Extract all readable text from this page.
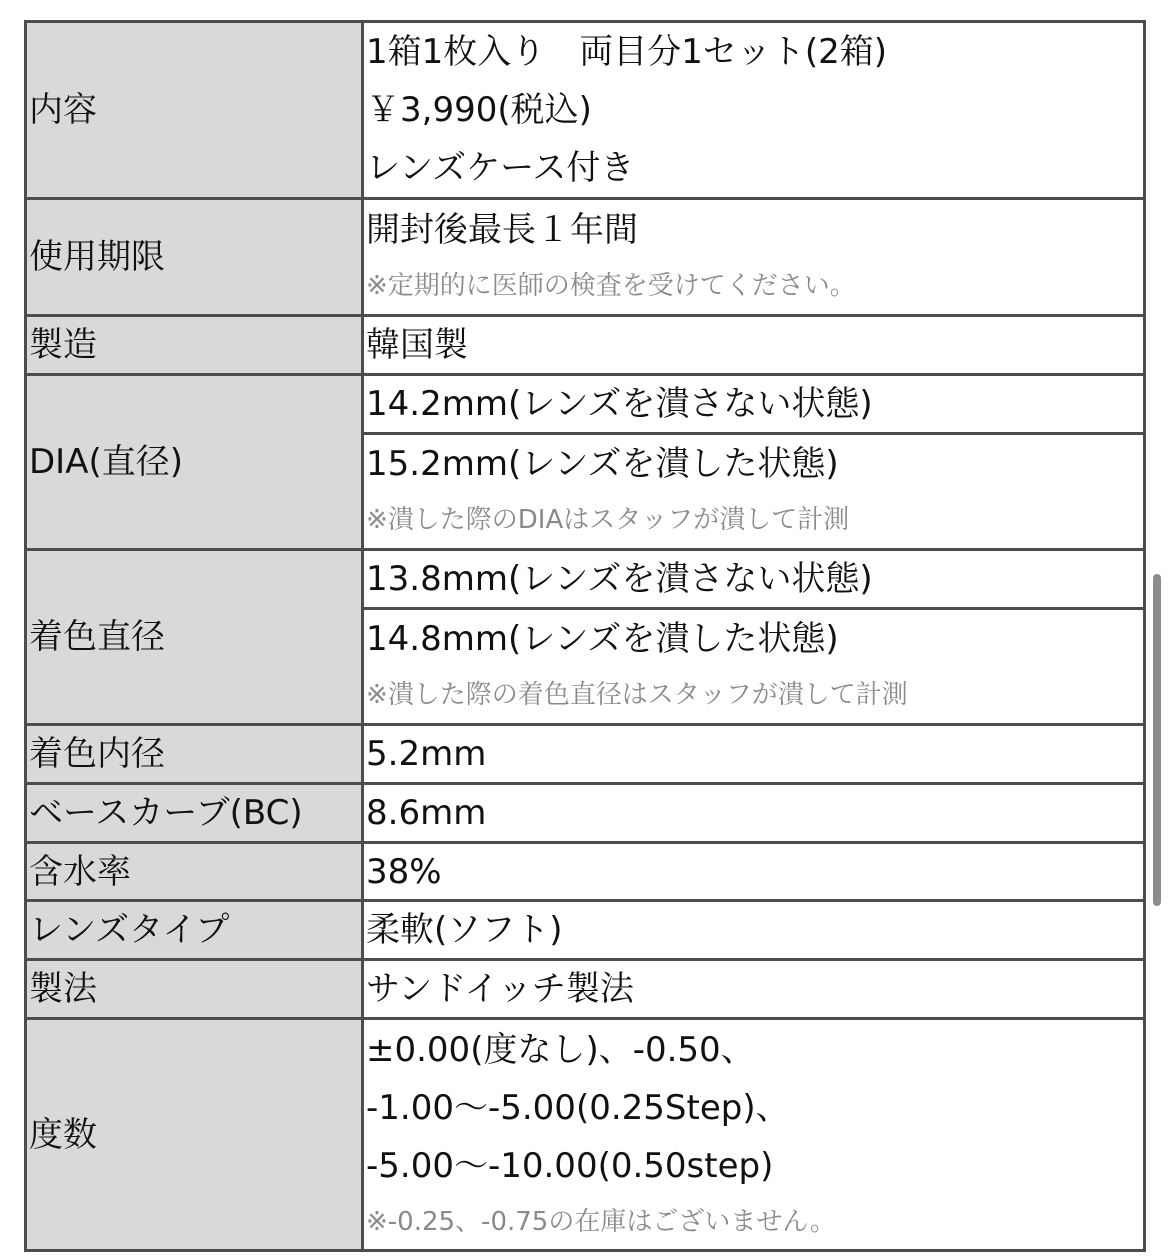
内容	1箱1枚入り　両目分1セット(2箱)
￥3,990(税込)
レンズケース付き

使用期限	開封後最長１年間
※定期的に医師の検査を受けてください。

製造	韓国製
DIA(直径)	14.2mm(レンズを潰さない状態)
15.2mm(レンズを潰した状態)
※潰した際のDIAはスタッフが潰して計測

着色直径	13.8mm(レンズを潰さない状態)
14.8mm(レンズを潰した状態)
※潰した際の着色直径はスタッフが潰して計測

着色内径	5.2mm
ベースカーブ(BC)	8.6mm
含水率	38%
レンズタイプ	柔軟(ソフト)
製法	サンドイッチ製法
度数	±0.00(度なし)、-0.50、
-1.00〜-5.00(0.25Step)、
-5.00〜-10.00(0.50step)
※-0.25、-0.75の在庫はございません。
